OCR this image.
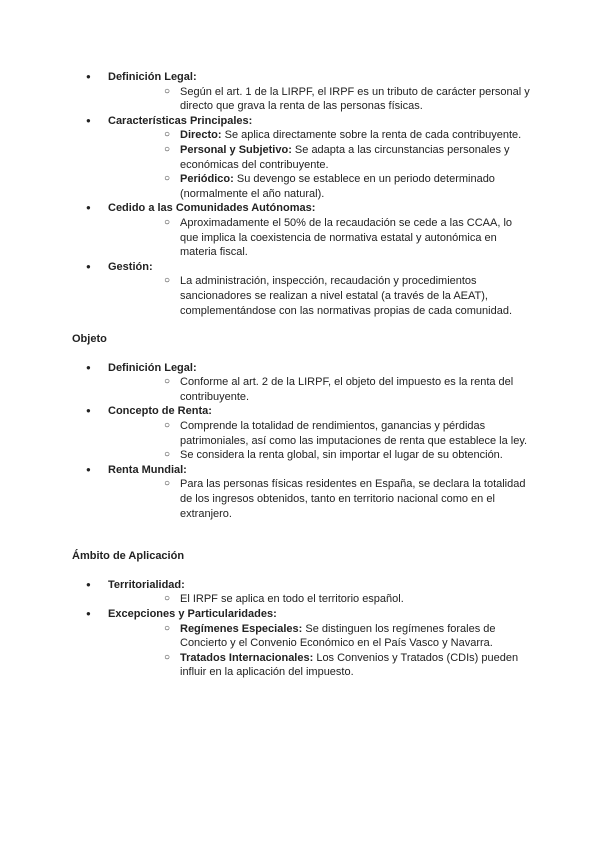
● Definición Legal:
○ Según el art. 1 de la LIRPF, el IRPF es un tributo de carácter personal y directo que grava la renta de las personas físicas.
● Características Principales:
○ Directo: Se aplica directamente sobre la renta de cada contribuyente.
○ Personal y Subjetivo: Se adapta a las circunstancias personales y económicas del contribuyente.
○ Periódico: Su devengo se establece en un periodo determinado (normalmente el año natural).
● Cedido a las Comunidades Autónomas:
○ Aproximadamente el 50% de la recaudación se cede a las CCAA, lo que implica la coexistencia de normativa estatal y autonómica en materia fiscal.
● Gestión:
○ La administración, inspección, recaudación y procedimientos sancionadores se realizan a nivel estatal (a través de la AEAT), complementándose con las normativas propias de cada comunidad.

Objeto

● Definición Legal:
○ Conforme al art. 2 de la LIRPF, el objeto del impuesto es la renta del contribuyente.
● Concepto de Renta:
○ Comprende la totalidad de rendimientos, ganancias y pérdidas patrimoniales, así como las imputaciones de renta que establece la ley.
○ Se considera la renta global, sin importar el lugar de su obtención.
● Renta Mundial:
○ Para las personas físicas residentes en España, se declara la totalidad de los ingresos obtenidos, tanto en territorio nacional como en el extranjero.

Ámbito de Aplicación

● Territorialidad:
○ El IRPF se aplica en todo el territorio español.
● Excepciones y Particularidades:
○ Regímenes Especiales: Se distinguen los regímenes forales de Concierto y el Convenio Económico en el País Vasco y Navarra.
○ Tratados Internacionales: Los Convenios y Tratados (CDIs) pueden influir en la aplicación del impuesto.
